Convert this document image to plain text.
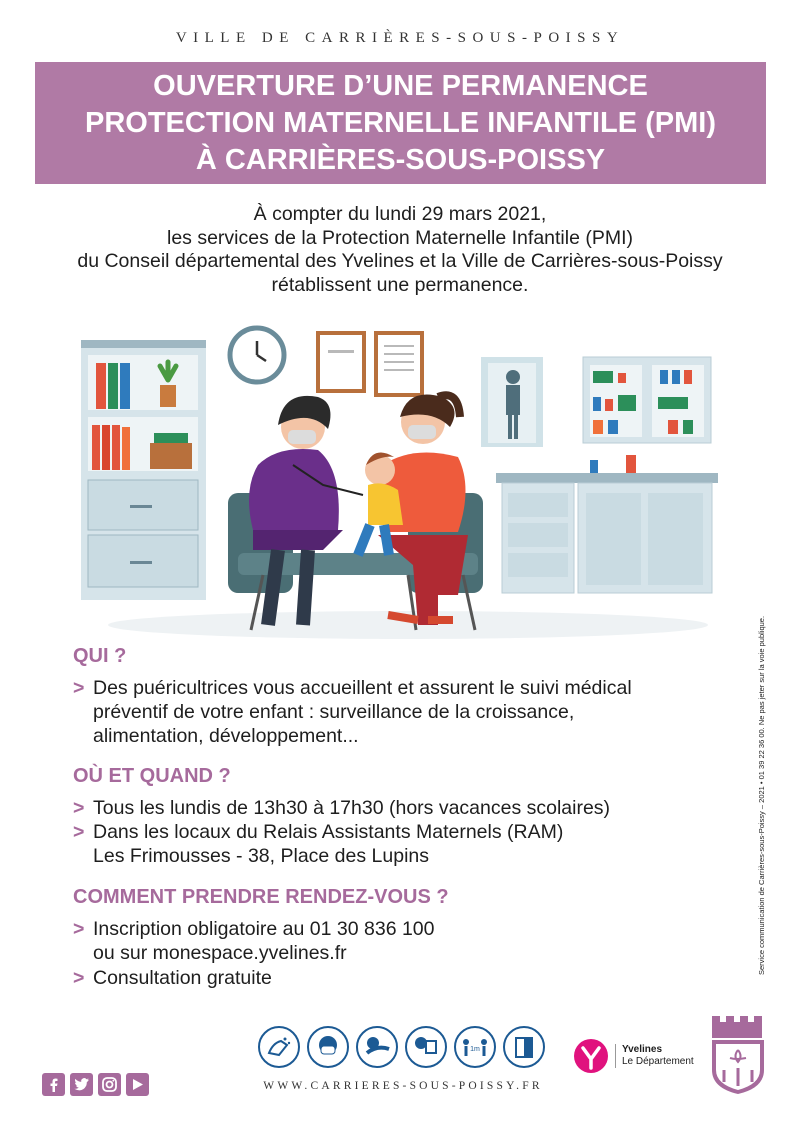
VILLE DE CARRIÈRES-SOUS-POISSY
OUVERTURE D’UNE PERMANENCE
PROTECTION MATERNELLE INFANTILE (PMI)
À CARRIÈRES-SOUS-POISSY
À compter du lundi 29 mars 2021,
les services de la Protection Maternelle Infantile (PMI)
du Conseil départemental des Yvelines et la Ville de Carrières-sous-Poissy
rétablissent une permanence.
QUI ?
> Des puéricultrices vous accueillent et assurent le suivi médical
préventif de votre enfant : surveillance de la croissance,
alimentation, développement...
OÙ ET QUAND ?
> Tous les lundis de 13h30 à 17h30 (hors vacances scolaires)
> Dans les locaux du Relais Assistants Maternels (RAM)
Les Frimousses - 38, Place des Lupins
COMMENT PRENDRE RENDEZ-VOUS ?
> Inscription obligatoire au 01 30 836 100
ou sur monespace.yvelines.fr
> Consultation gratuite
Service communication de Carrières-sous-Poissy – 2021 • 01 39 22 36 00. Ne pas jeter sur la voie publique.
1m
WWW.CARRIERES-SOUS-POISSY.FR
Yvelines
Le Département
